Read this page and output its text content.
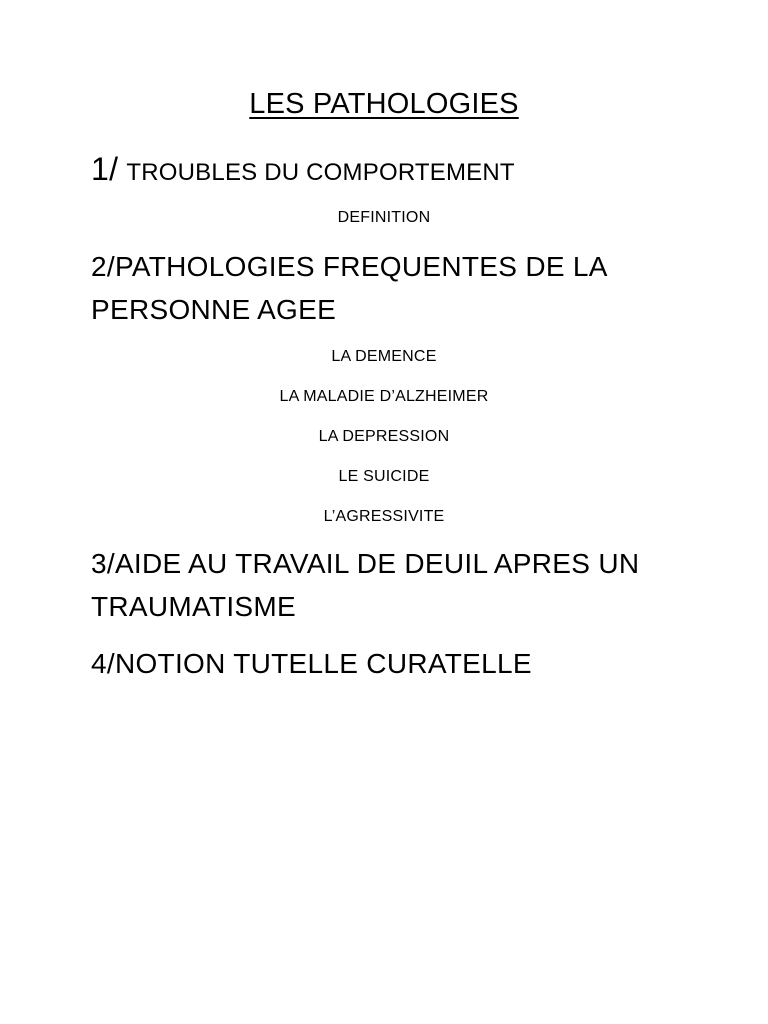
LES PATHOLOGIES
1/ TROUBLES DU COMPORTEMENT

DEFINITION

2/PATHOLOGIES FREQUENTES DE LA
PERSONNE AGEE

LA DEMENCE

LA MALADIE D’ALZHEIMER

LA DEPRESSION

LE SUICIDE

L’AGRESSIVITE

3/AIDE AU TRAVAIL DE DEUIL APRES UN
TRAUMATISME
4/NOTION TUTELLE CURATELLE
